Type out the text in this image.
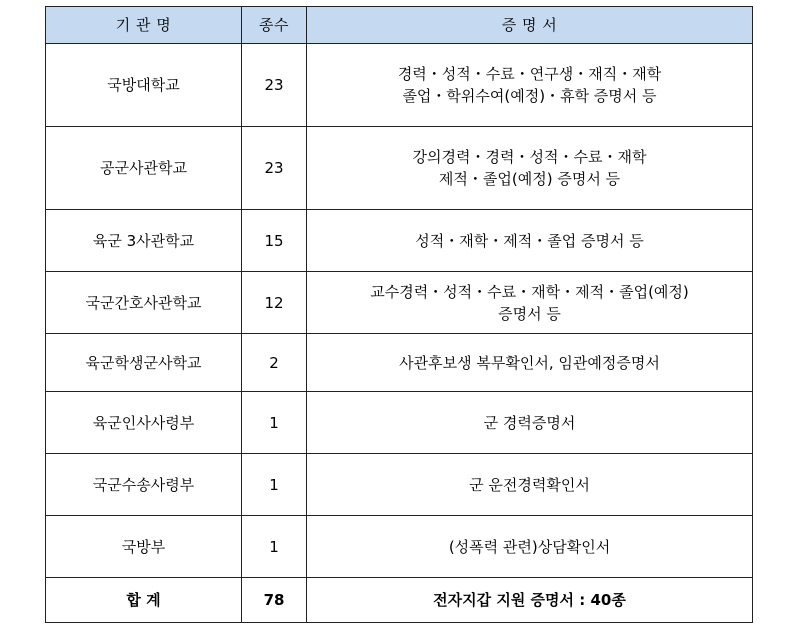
기 관 명	종수	증 명 서
국방대학교	23	경력・성적・수료・연구생・재직・재학
졸업・학위수여(예정)・휴학 증명서 등

공군사관학교	23	강의경력・경력・성적・수료・재학
제적・졸업(예정) 증명서 등

육군 3사관학교	15	성적・재학・제적・졸업 증명서 등

국군간호사관학교	12	교수경력・성적・수료・재학・제적・졸업(예정)
증명서 등

육군학생군사학교	2	사관후보생 복무확인서, 임관예정증명서

육군인사사령부	1	군 경력증명서

국군수송사령부	1	군 운전경력확인서

국방부	1	(성폭력 관련)상담확인서

합 계	78	전자지갑 지원 증명서 : 40종
